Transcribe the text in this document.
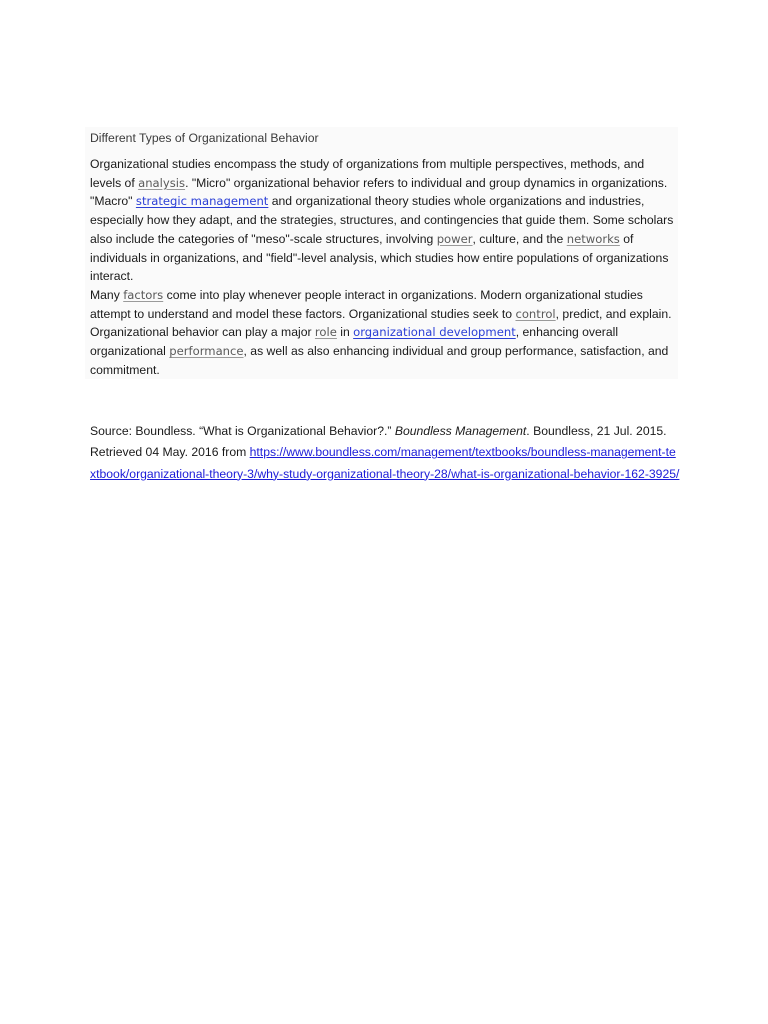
Different Types of Organizational Behavior

Organizational studies encompass the study of organizations from multiple perspectives, methods, and levels of analysis. "Micro" organizational behavior refers to individual and group dynamics in organizations. "Macro" strategic management and organizational theory studies whole organizations and industries, especially how they adapt, and the strategies, structures, and contingencies that guide them. Some scholars also include the categories of "meso"-scale structures, involving power, culture, and the networks of individuals in organizations, and "field"-level analysis, which studies how entire populations of organizations interact.

Many factors come into play whenever people interact in organizations. Modern organizational studies attempt to understand and model these factors. Organizational studies seek to control, predict, and explain. Organizational behavior can play a major role in organizational development, enhancing overall organizational performance, as well as also enhancing individual and group performance, satisfaction, and commitment.

Source: Boundless. “What is Organizational Behavior?.” Boundless Management. Boundless, 21 Jul. 2015. Retrieved 04 May. 2016 from https://www.boundless.com/management/textbooks/boundless-management-textbook/organizational-theory-3/why-study-organizational-theory-28/what-is-organizational-behavior-162-3925/
